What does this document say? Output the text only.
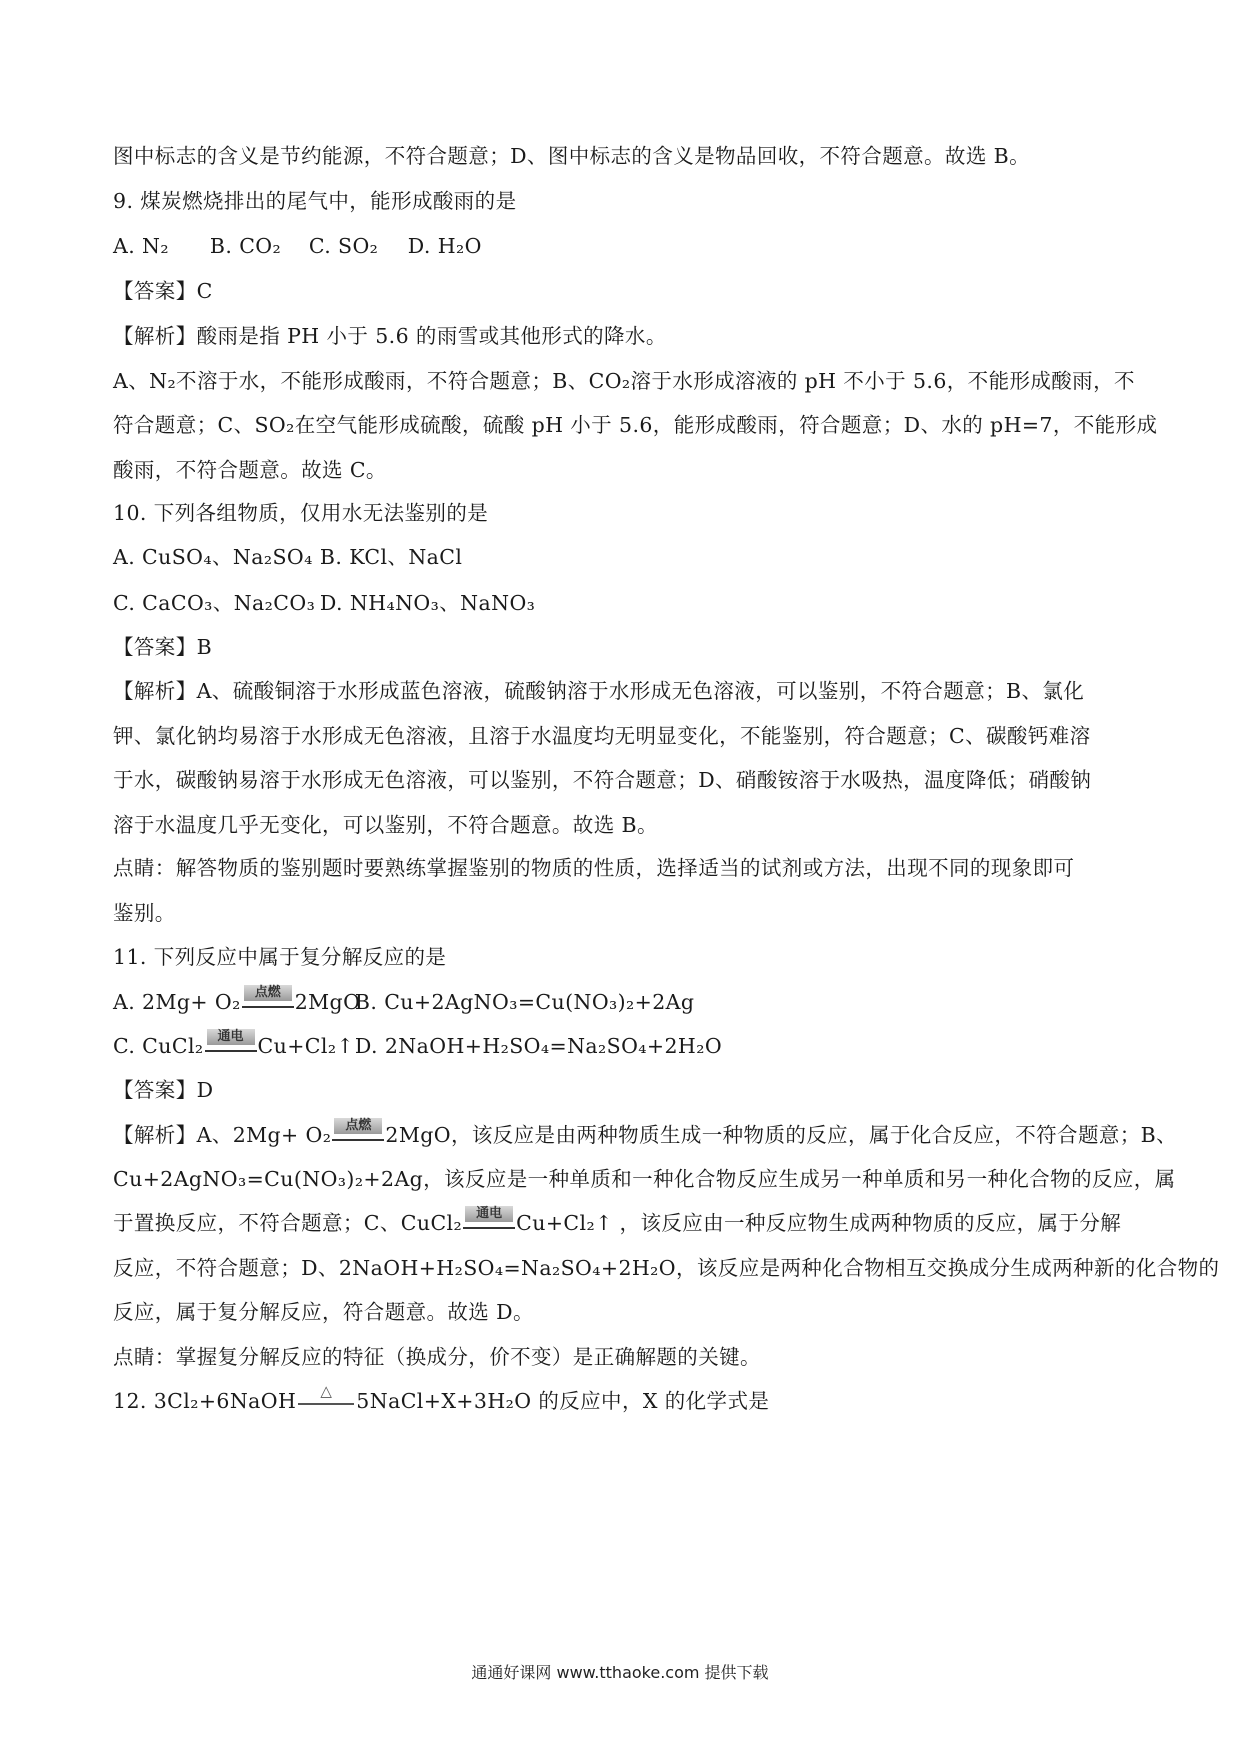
图中标志的含义是节约能源，不符合题意；D、图中标志的含义是物品回收，不符合题意。故选 B。
9. 煤炭燃烧排出的尾气中，能形成酸雨的是
A. N₂ B. CO₂ C. SO₂ D. H₂O
【答案】C
【解析】酸雨是指 PH 小于 5.6 的雨雪或其他形式的降水。
A、N₂不溶于水，不能形成酸雨，不符合题意；B、CO₂溶于水形成溶液的 pH 不小于 5.6，不能形成酸雨，不
符合题意；C、SO₂在空气能形成硫酸，硫酸 pH 小于 5.6，能形成酸雨，符合题意；D、水的 pH=7，不能形成
酸雨，不符合题意。故选 C。
10. 下列各组物质，仅用水无法鉴别的是
A. CuSO₄、Na₂SO₄ B. KCl、NaCl
C. CaCO₃、Na₂CO₃ D. NH₄NO₃、NaNO₃
【答案】B
【解析】A、硫酸铜溶于水形成蓝色溶液，硫酸钠溶于水形成无色溶液，可以鉴别，不符合题意；B、氯化
钾、氯化钠均易溶于水形成无色溶液，且溶于水温度均无明显变化，不能鉴别，符合题意；C、碳酸钙难溶
于水，碳酸钠易溶于水形成无色溶液，可以鉴别，不符合题意；D、硝酸铵溶于水吸热，温度降低；硝酸钠
溶于水温度几乎无变化，可以鉴别，不符合题意。故选 B。
点睛：解答物质的鉴别题时要熟练掌握鉴别的物质的性质，选择适当的试剂或方法，出现不同的现象即可
鉴别。
11. 下列反应中属于复分解反应的是
A. 2Mg+ O₂	点燃 2MgO B. Cu+2AgNO₃=Cu(NO₃)₂+2Ag
C. CuCl₂	通电 Cu+Cl₂↑ D. 2NaOH+H₂SO₄=Na₂SO₄+2H₂O
【答案】D
【解析】A、2Mg+ O₂	点燃 2MgO，该反应是由两种物质生成一种物质的反应，属于化合反应，不符合题意；B、
Cu+2AgNO₃=Cu(NO₃)₂+2Ag，该反应是一种单质和一种化合物反应生成另一种单质和另一种化合物的反应，属
于置换反应，不符合题意；C、CuCl₂	通电 Cu+Cl₂↑ ，该反应由一种反应物生成两种物质的反应，属于分解
反应，不符合题意；D、2NaOH+H₂SO₄=Na₂SO₄+2H₂O，该反应是两种化合物相互交换成分生成两种新的化合物的
反应，属于复分解反应，符合题意。故选 D。
点睛：掌握复分解反应的特征（换成分，价不变）是正确解题的关键。
12. 3Cl₂+6NaOH	△	5NaCl+X+3H₂O 的反应中，X 的化学式是
通通好课网 www.tthaoke.com 提供下载
